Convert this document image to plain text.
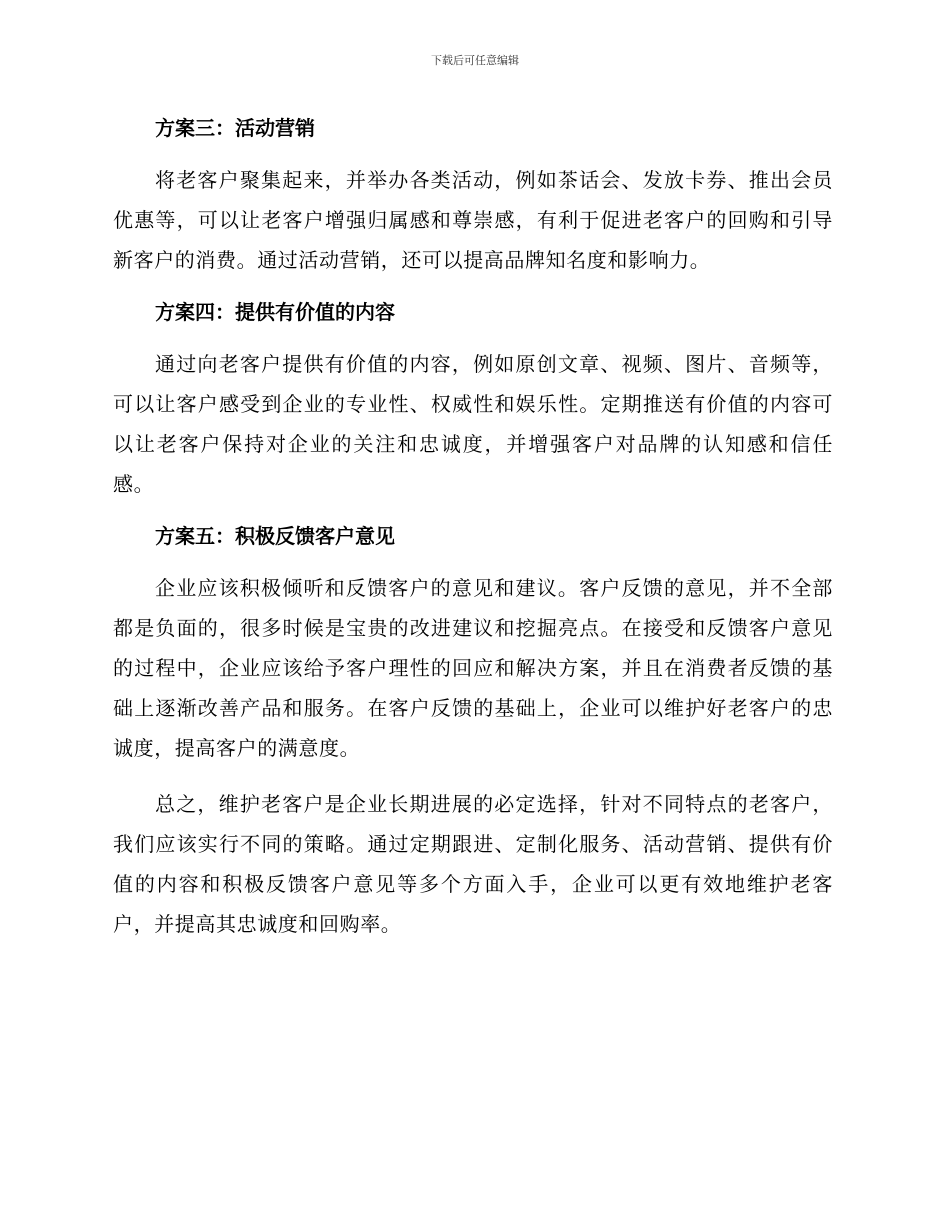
下载后可任意编辑
方案三：活动营销

将老客户聚集起来，并举办各类活动，例如茶话会、发放卡券、推出会员优惠等，可以让老客户增强归属感和尊崇感，有利于促进老客户的回购和引导新客户的消费。通过活动营销，还可以提高品牌知名度和影响力。

方案四：提供有价值的内容

通过向老客户提供有价值的内容，例如原创文章、视频、图片、音频等，可以让客户感受到企业的专业性、权威性和娱乐性。定期推送有价值的内容可以让老客户保持对企业的关注和忠诚度，并增强客户对品牌的认知感和信任感。

方案五：积极反馈客户意见

企业应该积极倾听和反馈客户的意见和建议。客户反馈的意见，并不全部都是负面的，很多时候是宝贵的改进建议和挖掘亮点。在接受和反馈客户意见的过程中，企业应该给予客户理性的回应和解决方案，并且在消费者反馈的基础上逐渐改善产品和服务。在客户反馈的基础上，企业可以维护好老客户的忠诚度，提高客户的满意度。

总之，维护老客户是企业长期进展的必定选择，针对不同特点的老客户，我们应该实行不同的策略。通过定期跟进、定制化服务、活动营销、提供有价值的内容和积极反馈客户意见等多个方面入手，企业可以更有效地维护老客户，并提高其忠诚度和回购率。
